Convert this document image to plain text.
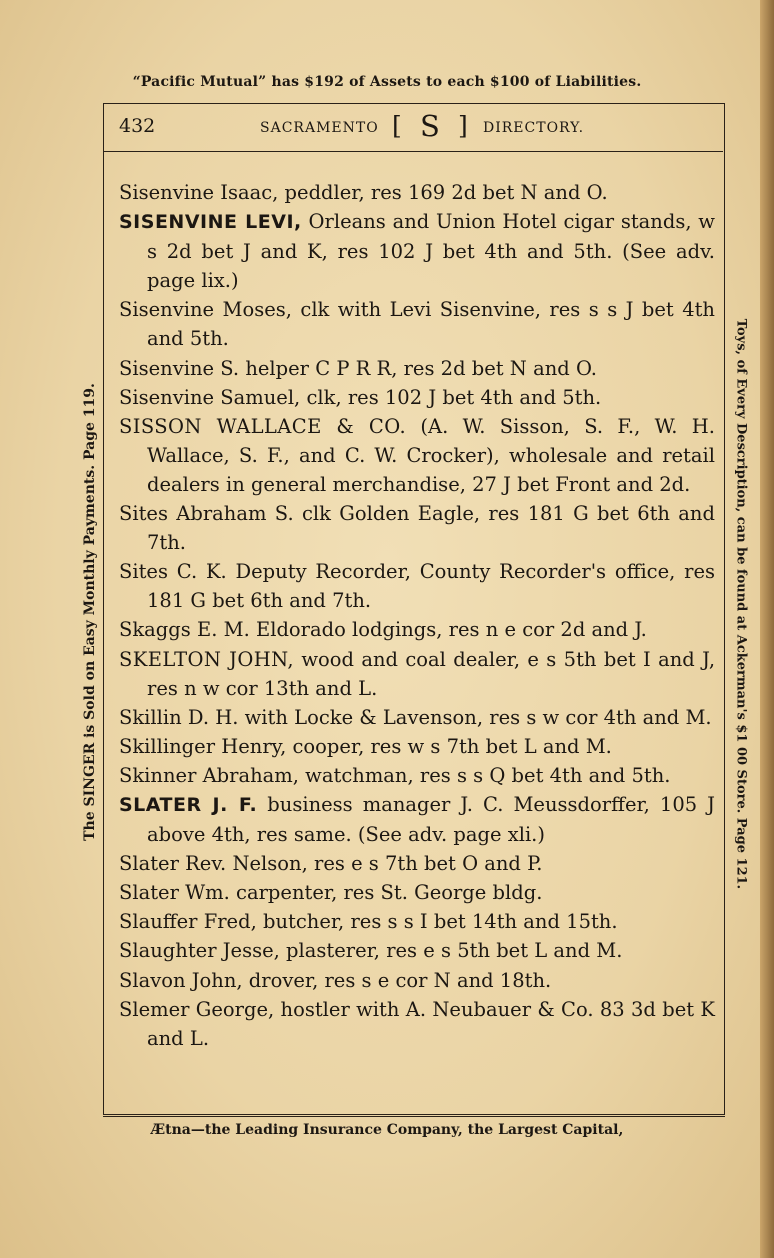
“Pacific Mutual” has $192 of Assets to each $100 of Liabilities.
The SINGER is Sold on Easy Monthly Payments. Page 119.	Toys, of Every Description, can be found at Ackerman's $1 00 Store. Page 121.
432	SACRAMENTO [ S ] DIRECTORY.
Sisenvine Isaac, peddler, res 169 2d bet N and O.
SISENVINE LEVI, Orleans and Union Hotel cigar stands, w s 2d bet J and K, res 102 J bet 4th and 5th. (See adv. page lix.)
Sisenvine Moses, clk with Levi Sisenvine, res s s J bet 4th and 5th.
Sisenvine S. helper C P R R, res 2d bet N and O.
Sisenvine Samuel, clk, res 102 J bet 4th and 5th.
SISSON WALLACE & CO. (A. W. Sisson, S. F., W. H. Wallace, S. F., and C. W. Crocker), wholesale and retail dealers in general merchandise, 27 J bet Front and 2d.
Sites Abraham S. clk Golden Eagle, res 181 G bet 6th and 7th.
Sites C. K. Deputy Recorder, County Recorder's office, res 181 G bet 6th and 7th.
Skaggs E. M. Eldorado lodgings, res n e cor 2d and J.
SKELTON JOHN, wood and coal dealer, e s 5th bet I and J, res n w cor 13th and L.
Skillin D. H. with Locke & Lavenson, res s w cor 4th and M.
Skillinger Henry, cooper, res w s 7th bet L and M.
Skinner Abraham, watchman, res s s Q bet 4th and 5th.
SLATER J. F. business manager J. C. Meussdorffer, 105 J above 4th, res same. (See adv. page xli.)
Slater Rev. Nelson, res e s 7th bet O and P.
Slater Wm. carpenter, res St. George bldg.
Slauffer Fred, butcher, res s s I bet 14th and 15th.
Slaughter Jesse, plasterer, res e s 5th bet L and M.
Slavon John, drover, res s e cor N and 18th.
Slemer George, hostler with A. Neubauer & Co. 83 3d bet K and L.
Ætna—the Leading Insurance Company, the Largest Capital,
